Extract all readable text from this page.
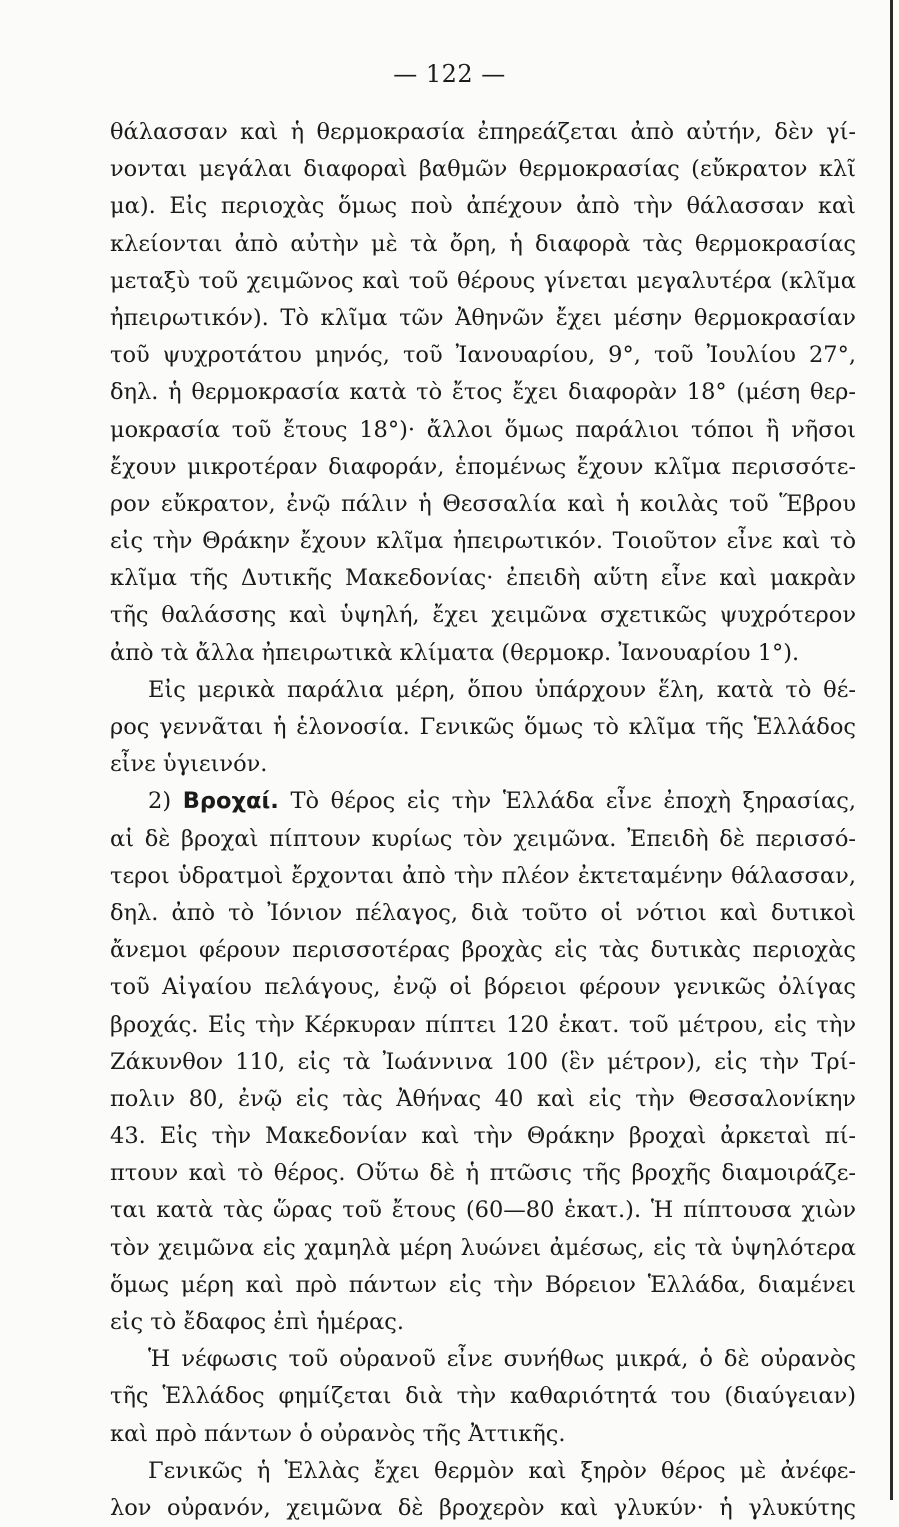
— 122 —
θάλασσαν καὶ ἡ θερμοκρασία ἐπηρεάζεται ἀπὸ αὐτήν, δὲν γί-
νονται μεγάλαι διαφοραὶ βαθμῶν θερμοκρασίας (εὔκρατον κλῖ
μα). Εἰς περιοχὰς ὅμως ποὺ ἀπέχουν ἀπὸ τὴν θάλασσαν καὶ
κλείονται ἀπὸ αὐτὴν μὲ τὰ ὄρη, ἡ διαφορὰ τὰς θερμοκρασίας
μεταξὺ τοῦ χειμῶνος καὶ τοῦ θέρους γίνεται μεγαλυτέρα (κλῖμα
ἠπειρωτικόν). Τὸ κλῖμα τῶν Ἀθηνῶν ἔχει μέσην θερμοκρασίαν
τοῦ ψυχροτάτου μηνός, τοῦ Ἰανουαρίου, 9°, τοῦ Ἰουλίου 27°,
δηλ. ἡ θερμοκρασία κατὰ τὸ ἔτος ἔχει διαφορὰν 18° (μέση θερ-
μοκρασία τοῦ ἔτους 18°)· ἄλλοι ὅμως παράλιοι τόποι ἢ νῆσοι
ἔχουν μικροτέραν διαφοράν, ἑπομένως ἔχουν κλῖμα περισσότε-
ρον εὔκρατον, ἐνῷ πάλιν ἡ Θεσσαλία καὶ ἡ κοιλὰς τοῦ Ἕβρου
εἰς τὴν Θράκην ἔχουν κλῖμα ἠπειρωτικόν. Τοιοῦτον εἶνε καὶ τὸ
κλῖμα τῆς Δυτικῆς Μακεδονίας· ἐπειδὴ αὕτη εἶνε καὶ μακρὰν
τῆς θαλάσσης καὶ ὑψηλή, ἔχει χειμῶνα σχετικῶς ψυχρότερον
ἀπὸ τὰ ἄλλα ἠπειρωτικὰ κλίματα (θερμοκρ. Ἰανουαρίου 1°).
Εἰς μερικὰ παράλια μέρη, ὅπου ὑπάρχουν ἕλη, κατὰ τὸ θέ-
ρος γεννᾶται ἡ ἑλονοσία. Γενικῶς ὅμως τὸ κλῖμα τῆς Ἑλλάδος
εἶνε ὑγιεινόν.
2) Βροχαί. Τὸ θέρος εἰς τὴν Ἑλλάδα εἶνε ἐποχὴ ξηρασίας,
αἱ δὲ βροχαὶ πίπτουν κυρίως τὸν χειμῶνα. Ἐπειδὴ δὲ περισσό-
τεροι ὑδρατμοὶ ἔρχονται ἀπὸ τὴν πλέον ἐκτεταμένην θάλασσαν,
δηλ. ἀπὸ τὸ Ἰόνιον πέλαγος, διὰ τοῦτο οἱ νότιοι καὶ δυτικοὶ
ἄνεμοι φέρουν περισσοτέρας βροχὰς εἰς τὰς δυτικὰς περιοχὰς
τοῦ Αἰγαίου πελάγους, ἐνῷ οἱ βόρειοι φέρουν γενικῶς ὀλίγας
βροχάς. Εἰς τὴν Κέρκυραν πίπτει 120 ἑκατ. τοῦ μέτρου, εἰς τὴν
Ζάκυνθον 110, εἰς τὰ Ἰωάννινα 100 (ἓν μέτρον), εἰς τὴν Τρί-
πολιν 80, ἐνῷ εἰς τὰς Ἀθήνας 40 καὶ εἰς τὴν Θεσσαλονίκην
43. Εἰς τὴν Μακεδονίαν καὶ τὴν Θράκην βροχαὶ ἀρκεταὶ πί-
πτουν καὶ τὸ θέρος. Οὕτω δὲ ἡ πτῶσις τῆς βροχῆς διαμοιράζε-
ται κατὰ τὰς ὥρας τοῦ ἔτους (60—80 ἑκατ.). Ἡ πίπτουσα χιὼν
τὸν χειμῶνα εἰς χαμηλὰ μέρη λυώνει ἀμέσως, εἰς τὰ ὑψηλότερα
ὅμως μέρη καὶ πρὸ πάντων εἰς τὴν Βόρειον Ἑλλάδα, διαμένει
εἰς τὸ ἔδαφος ἐπὶ ἡμέρας.
Ἡ νέφωσις τοῦ οὐρανοῦ εἶνε συνήθως μικρά, ὁ δὲ οὐρανὸς
τῆς Ἑλλάδος φημίζεται διὰ τὴν καθαριότητά του (διαύγειαν)
καὶ πρὸ πάντων ὁ οὐρανὸς τῆς Ἀττικῆς.
Γενικῶς ἡ Ἑλλὰς ἔχει θερμὸν καὶ ξηρὸν θέρος μὲ ἀνέφε-
λον οὐρανόν, χειμῶνα δὲ βροχερὸν καὶ γλυκύν· ἡ γλυκύτης
